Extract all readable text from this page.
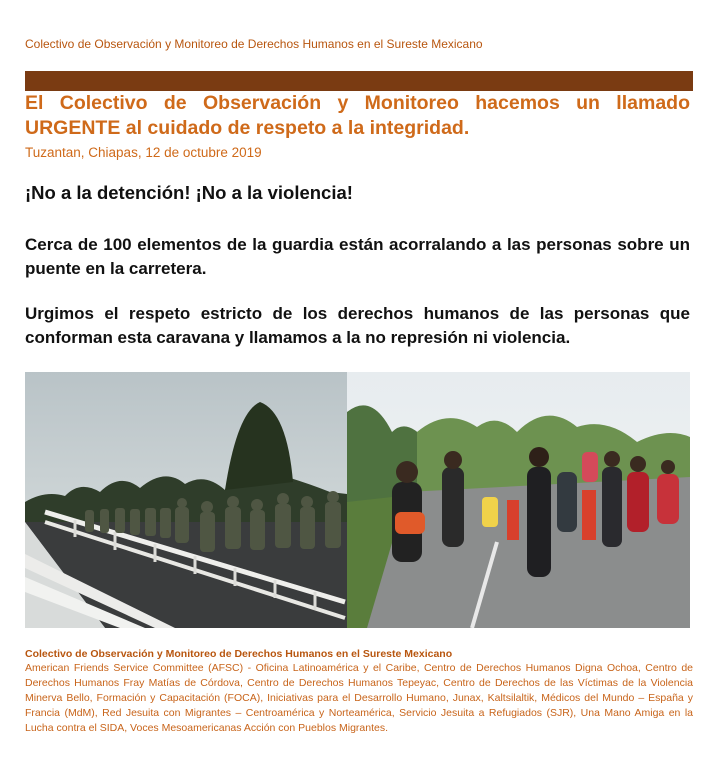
Colectivo de Observación y Monitoreo de Derechos Humanos en el Sureste Mexicano
El Colectivo de Observación y Monitoreo hacemos un llamado URGENTE al cuidado de respeto a la integridad.
Tuzantan, Chiapas, 12 de octubre 2019
¡No a la detención! ¡No a la violencia!
Cerca de 100 elementos de la guardia están acorralando a las personas sobre un puente en la carretera.
Urgimos el respeto estricto de los derechos humanos de las personas que conforman esta caravana y llamamos a la no represión ni violencia.
Colectivo de Observación y Monitoreo de Derechos Humanos en el Sureste Mexicano
American Friends Service Committee (AFSC) - Oficina Latinoamérica y el Caribe, Centro de Derechos Humanos Digna Ochoa, Centro de Derechos Humanos Fray Matías de Córdova, Centro de Derechos Humanos Tepeyac, Centro de Derechos de las Víctimas de la Violencia Minerva Bello, Formación y Capacitación (FOCA), Iniciativas para el Desarrollo Humano, Junax, Kaltsilaltik, Médicos del Mundo – España y Francia (MdM), Red Jesuita con Migrantes – Centroamérica y Norteamérica, Servicio Jesuita a Refugiados (SJR), Una Mano Amiga en la Lucha contra el SIDA, Voces Mesoamericanas Acción con Pueblos Migrantes.
